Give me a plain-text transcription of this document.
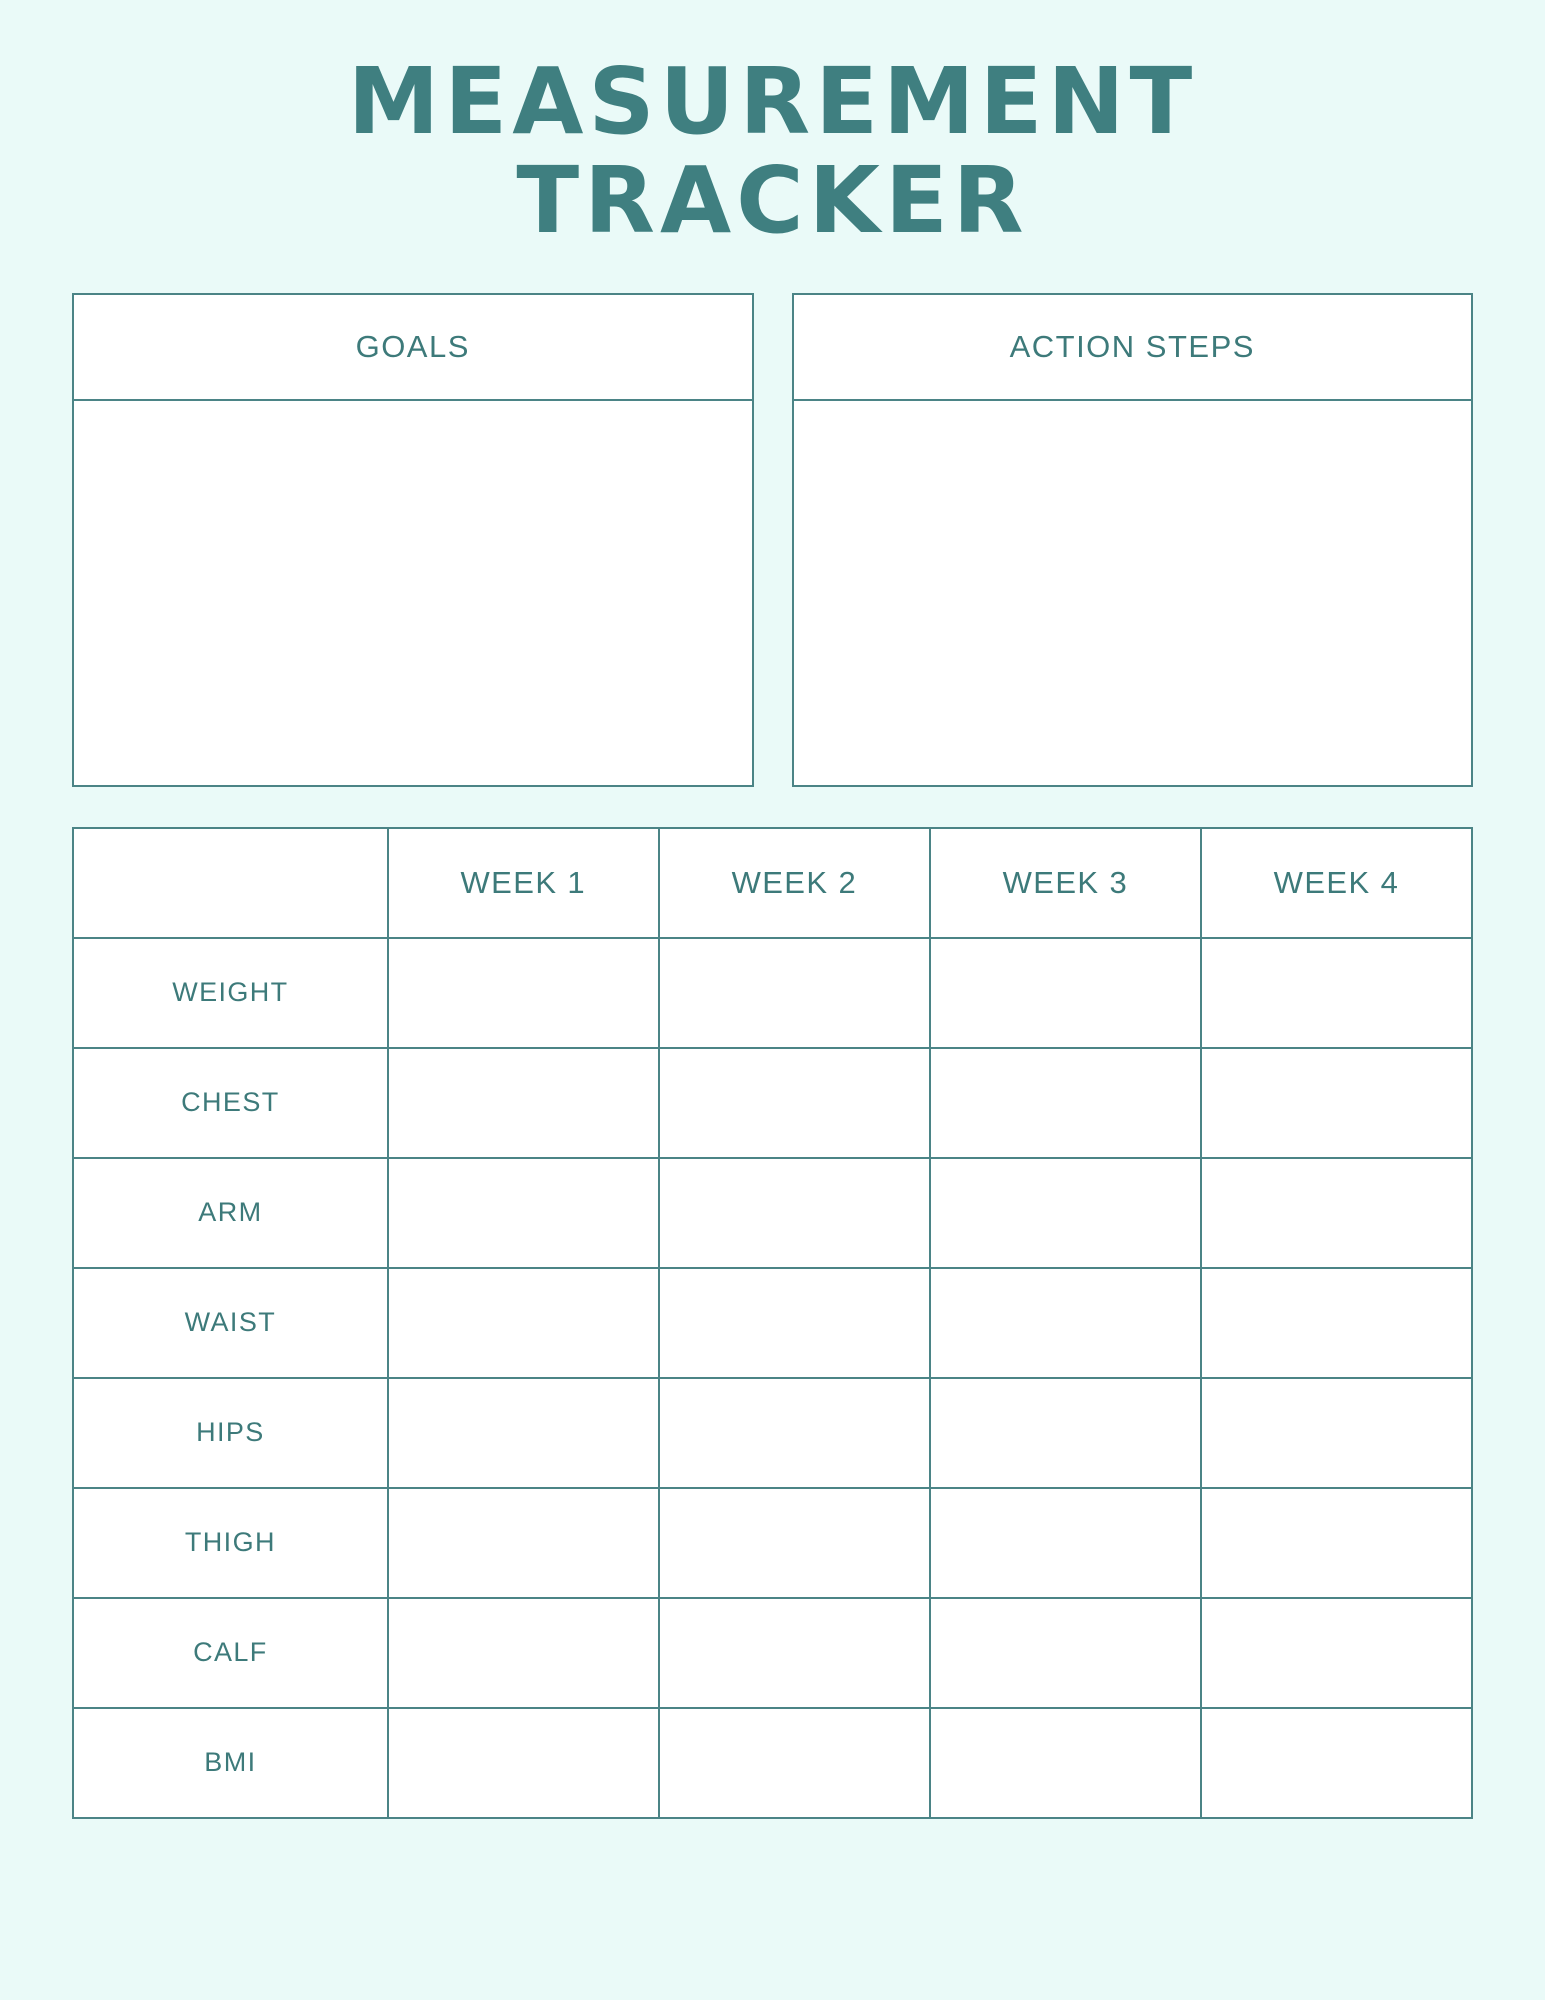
MEASUREMENT
TRACKER
GOALS	ACTION STEPS
	WEEK 1	WEEK 2	WEEK 3	WEEK 4
WEIGHT				
CHEST				
ARM				
WAIST				
HIPS				
THIGH				
CALF				
BMI				
